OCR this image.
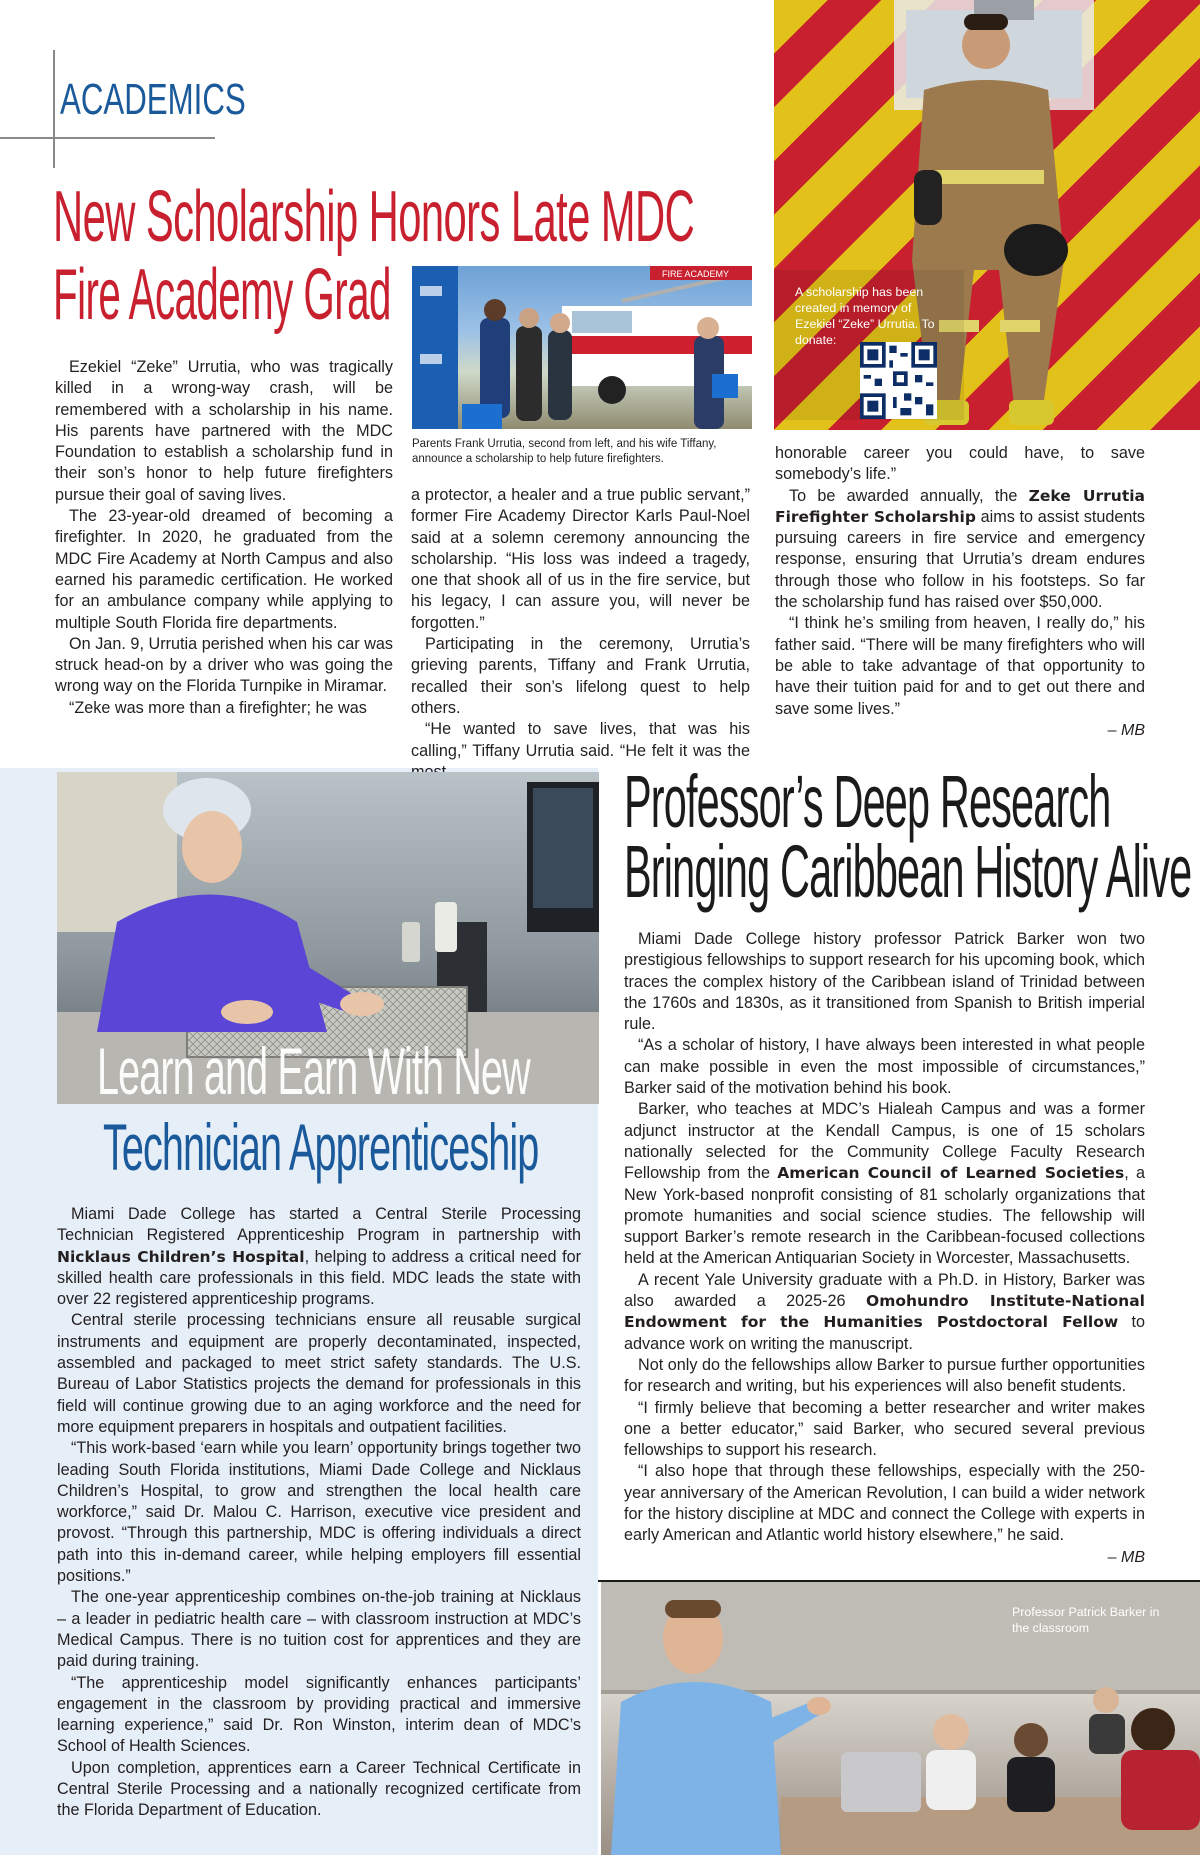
ACADEMICS
New Scholarship Honors Late MDC
Fire Academy Grad	FIRE ACADEMY
Parents Frank Urrutia, second from left, and his wife Tiffany, announce a scholarship to help future firefighters.
A scholarship has been created in memory of Ezekiel “Zeke” Urrutia. To donate:

Ezekiel “Zeke” Urrutia, who was tragically killed in a wrong-way crash, will be remembered with a scholarship in his name. His parents have partnered with the MDC Foundation to establish a scholarship fund in their son’s honor to help future firefighters pursue their goal of saving lives.

The 23-year-old dreamed of becoming a firefighter. In 2020, he graduated from the MDC Fire Academy at North Campus and also earned his paramedic certification. He worked for an ambulance company while applying to multiple South Florida fire departments.

On Jan. 9, Urrutia perished when his car was struck head-on by a driver who was going the wrong way on the Florida Turnpike in Miramar.

“Zeke was more than a firefighter; he was

a protector, a healer and a true public servant,” former Fire Academy Director Karls Paul-Noel said at a solemn ceremony announcing the scholarship. “His loss was indeed a tragedy, one that shook all of us in the fire service, but his legacy, I can assure you, will never be forgotten.”

Participating in the ceremony, Urrutia’s grieving parents, Tiffany and Frank Urrutia, recalled their son’s lifelong quest to help others.

“He wanted to save lives, that was his calling,” Tiffany Urrutia said. “He felt it was the

honorable career you could have, to save somebody’s life.”

To be awarded annually, the Zeke Urrutia Firefighter Scholarship aims to assist students pursuing careers in fire service and emergency response, ensuring that Urrutia’s dream endures through those who follow in his footsteps. So far the scholarship fund has raised over $50,000.

“I think he’s smiling from heaven, I really do,” his father said. “There will be many firefighters who will be able to take advantage of that opportunity to have their tuition paid for and to get out there and save some lives.”

– MB
Learn and Earn With New
Technician Apprenticeship

Miami Dade College has started a Central Sterile Processing Technician Registered Apprenticeship Program in partnership with Nicklaus Children’s Hospital, helping to address a critical need for skilled health care professionals in this field. MDC leads the state with over 22 registered apprenticeship programs.

Central sterile processing technicians ensure all reusable surgical instruments and equipment are properly decontaminated, inspected, assembled and packaged to meet strict safety standards. The U.S. Bureau of Labor Statistics projects the demand for professionals in this field will continue growing due to an aging workforce and the need for more equipment preparers in hospitals and outpatient facilities.

“This work-based ‘earn while you learn’ opportunity brings together two leading South Florida institutions, Miami Dade College and Nicklaus Children’s Hospital, to grow and strengthen the local health care workforce,” said Dr. Malou C. Harrison, executive vice president and provost. “Through this partnership, MDC is offering individuals a direct path into this in-demand career, while helping employers fill essential positions.”

The one-year apprenticeship combines on-the-job training at Nicklaus – a leader in pediatric health care – with classroom instruction at MDC’s Medical Campus. There is no tuition cost for apprentices and they are paid during training.

“The apprenticeship model significantly enhances participants’ engagement in the classroom by providing practical and immersive learning experience,” said Dr. Ron Winston, interim dean of MDC’s School of Health Sciences.

Upon completion, apprentices earn a Career Technical Certificate in Central Sterile Processing and a nationally recognized certificate from the Florida Department of Education.

Professor’s Deep Research
Bringing Caribbean History Alive

Miami Dade College history professor Patrick Barker won two prestigious fellowships to support research for his upcoming book, which traces the complex history of the Caribbean island of Trinidad between the 1760s and 1830s, as it transitioned from Spanish to British imperial rule.

“As a scholar of history, I have always been interested in what people can make possible in even the most impossible of circumstances,” Barker said of the motivation behind his book.

Barker, who teaches at MDC’s Hialeah Campus and was a former adjunct instructor at the Kendall Campus, is one of 15 scholars nationally selected for the Community College Faculty Research Fellowship from the American Council of Learned Societies, a New York-based nonprofit consisting of 81 scholarly organizations that promote humanities and social science studies. The fellowship will support Barker’s remote research in the Caribbean-focused collections held at the American Antiquarian Society in Worcester, Massachusetts.

A recent Yale University graduate with a Ph.D. in History, Barker was also awarded a 2025-26 Omohundro Institute-National Endowment for the Humanities Postdoctoral Fellow to advance work on writing the manuscript.

Not only do the fellowships allow Barker to pursue further opportunities for research and writing, but his experiences will also benefit students.

“I firmly believe that becoming a better researcher and writer makes one a better educator,” said Barker, who secured several previous fellowships to support his research.

“I also hope that through these fellowships, especially with the 250-year anniversary of the American Revolution, I can build a wider network for the history discipline at MDC and connect the College with experts in early American and Atlantic world history elsewhere,” he said.

– MB
Professor Patrick Barker in the classroom
